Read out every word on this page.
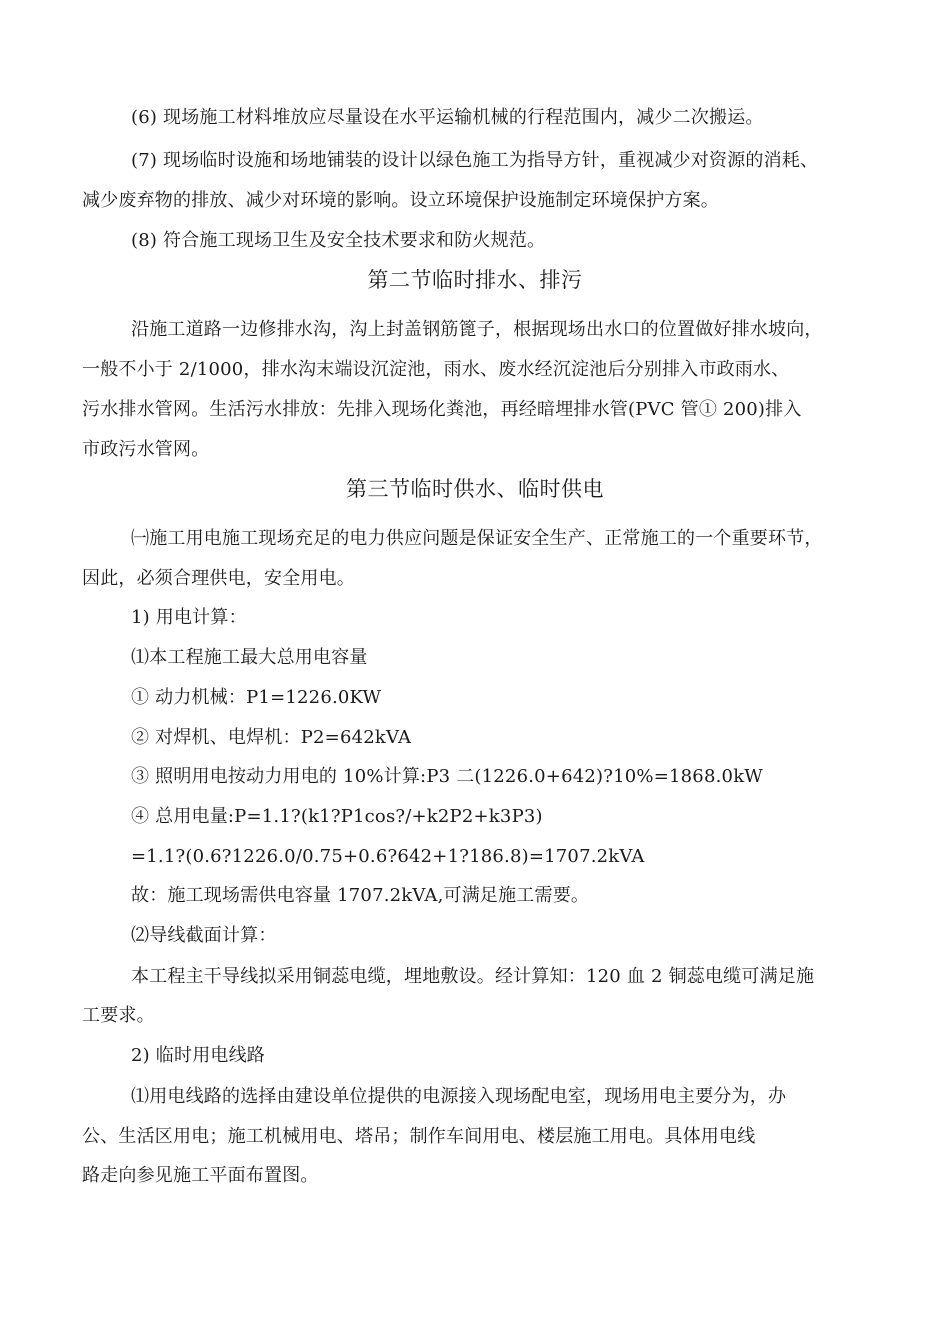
(6) 现场施工材料堆放应尽量设在水平运输机械的行程范围内，减少二次搬运。
(7) 现场临时设施和场地铺装的设计以绿色施工为指导方针，重视减少对资源的消耗、
减少废弃物的排放、减少对环境的影响。设立环境保护设施制定环境保护方案。
(8) 符合施工现场卫生及安全技术要求和防火规范。
第二节临时排水、排污
沿施工道路一边修排水沟，沟上封盖钢筋篦子，根据现场出水口的位置做好排水坡向，
一般不小于 2/1000，排水沟末端设沉淀池，雨水、废水经沉淀池后分别排入市政雨水、
污水排水管网。生活污水排放：先排入现场化粪池，再经暗埋排水管(PVC 管① 200)排入
市政污水管网。
第三节临时供水、临时供电
㈠施工用电施工现场充足的电力供应问题是保证安全生产、正常施工的一个重要环节，
因此，必须合理供电，安全用电。
1) 用电计算：
⑴本工程施工最大总用电容量
① 动力机械：P1=1226.0KW
② 对焊机、电焊机：P2=642kVA
③ 照明用电按动力用电的 10%计算:P3 二(1226.0+642)?10%=1868.0kW
④ 总用电量:P=1.1?(k1?P1cos?/+k2P2+k3P3)
=1.1?(0.6?1226.0/0.75+0.6?642+1?186.8)=1707.2kVA
故：施工现场需供电容量 1707.2kVA,可满足施工需要。
⑵导线截面计算：
本工程主干导线拟采用铜蕊电缆，埋地敷设。经计算知：120 血 2 铜蕊电缆可满足施
工要求。
2) 临时用电线路
⑴用电线路的选择由建设单位提供的电源接入现场配电室，现场用电主要分为，办
公、生活区用电；施工机械用电、塔吊；制作车间用电、楼层施工用电。具体用电线
路走向参见施工平面布置图。
